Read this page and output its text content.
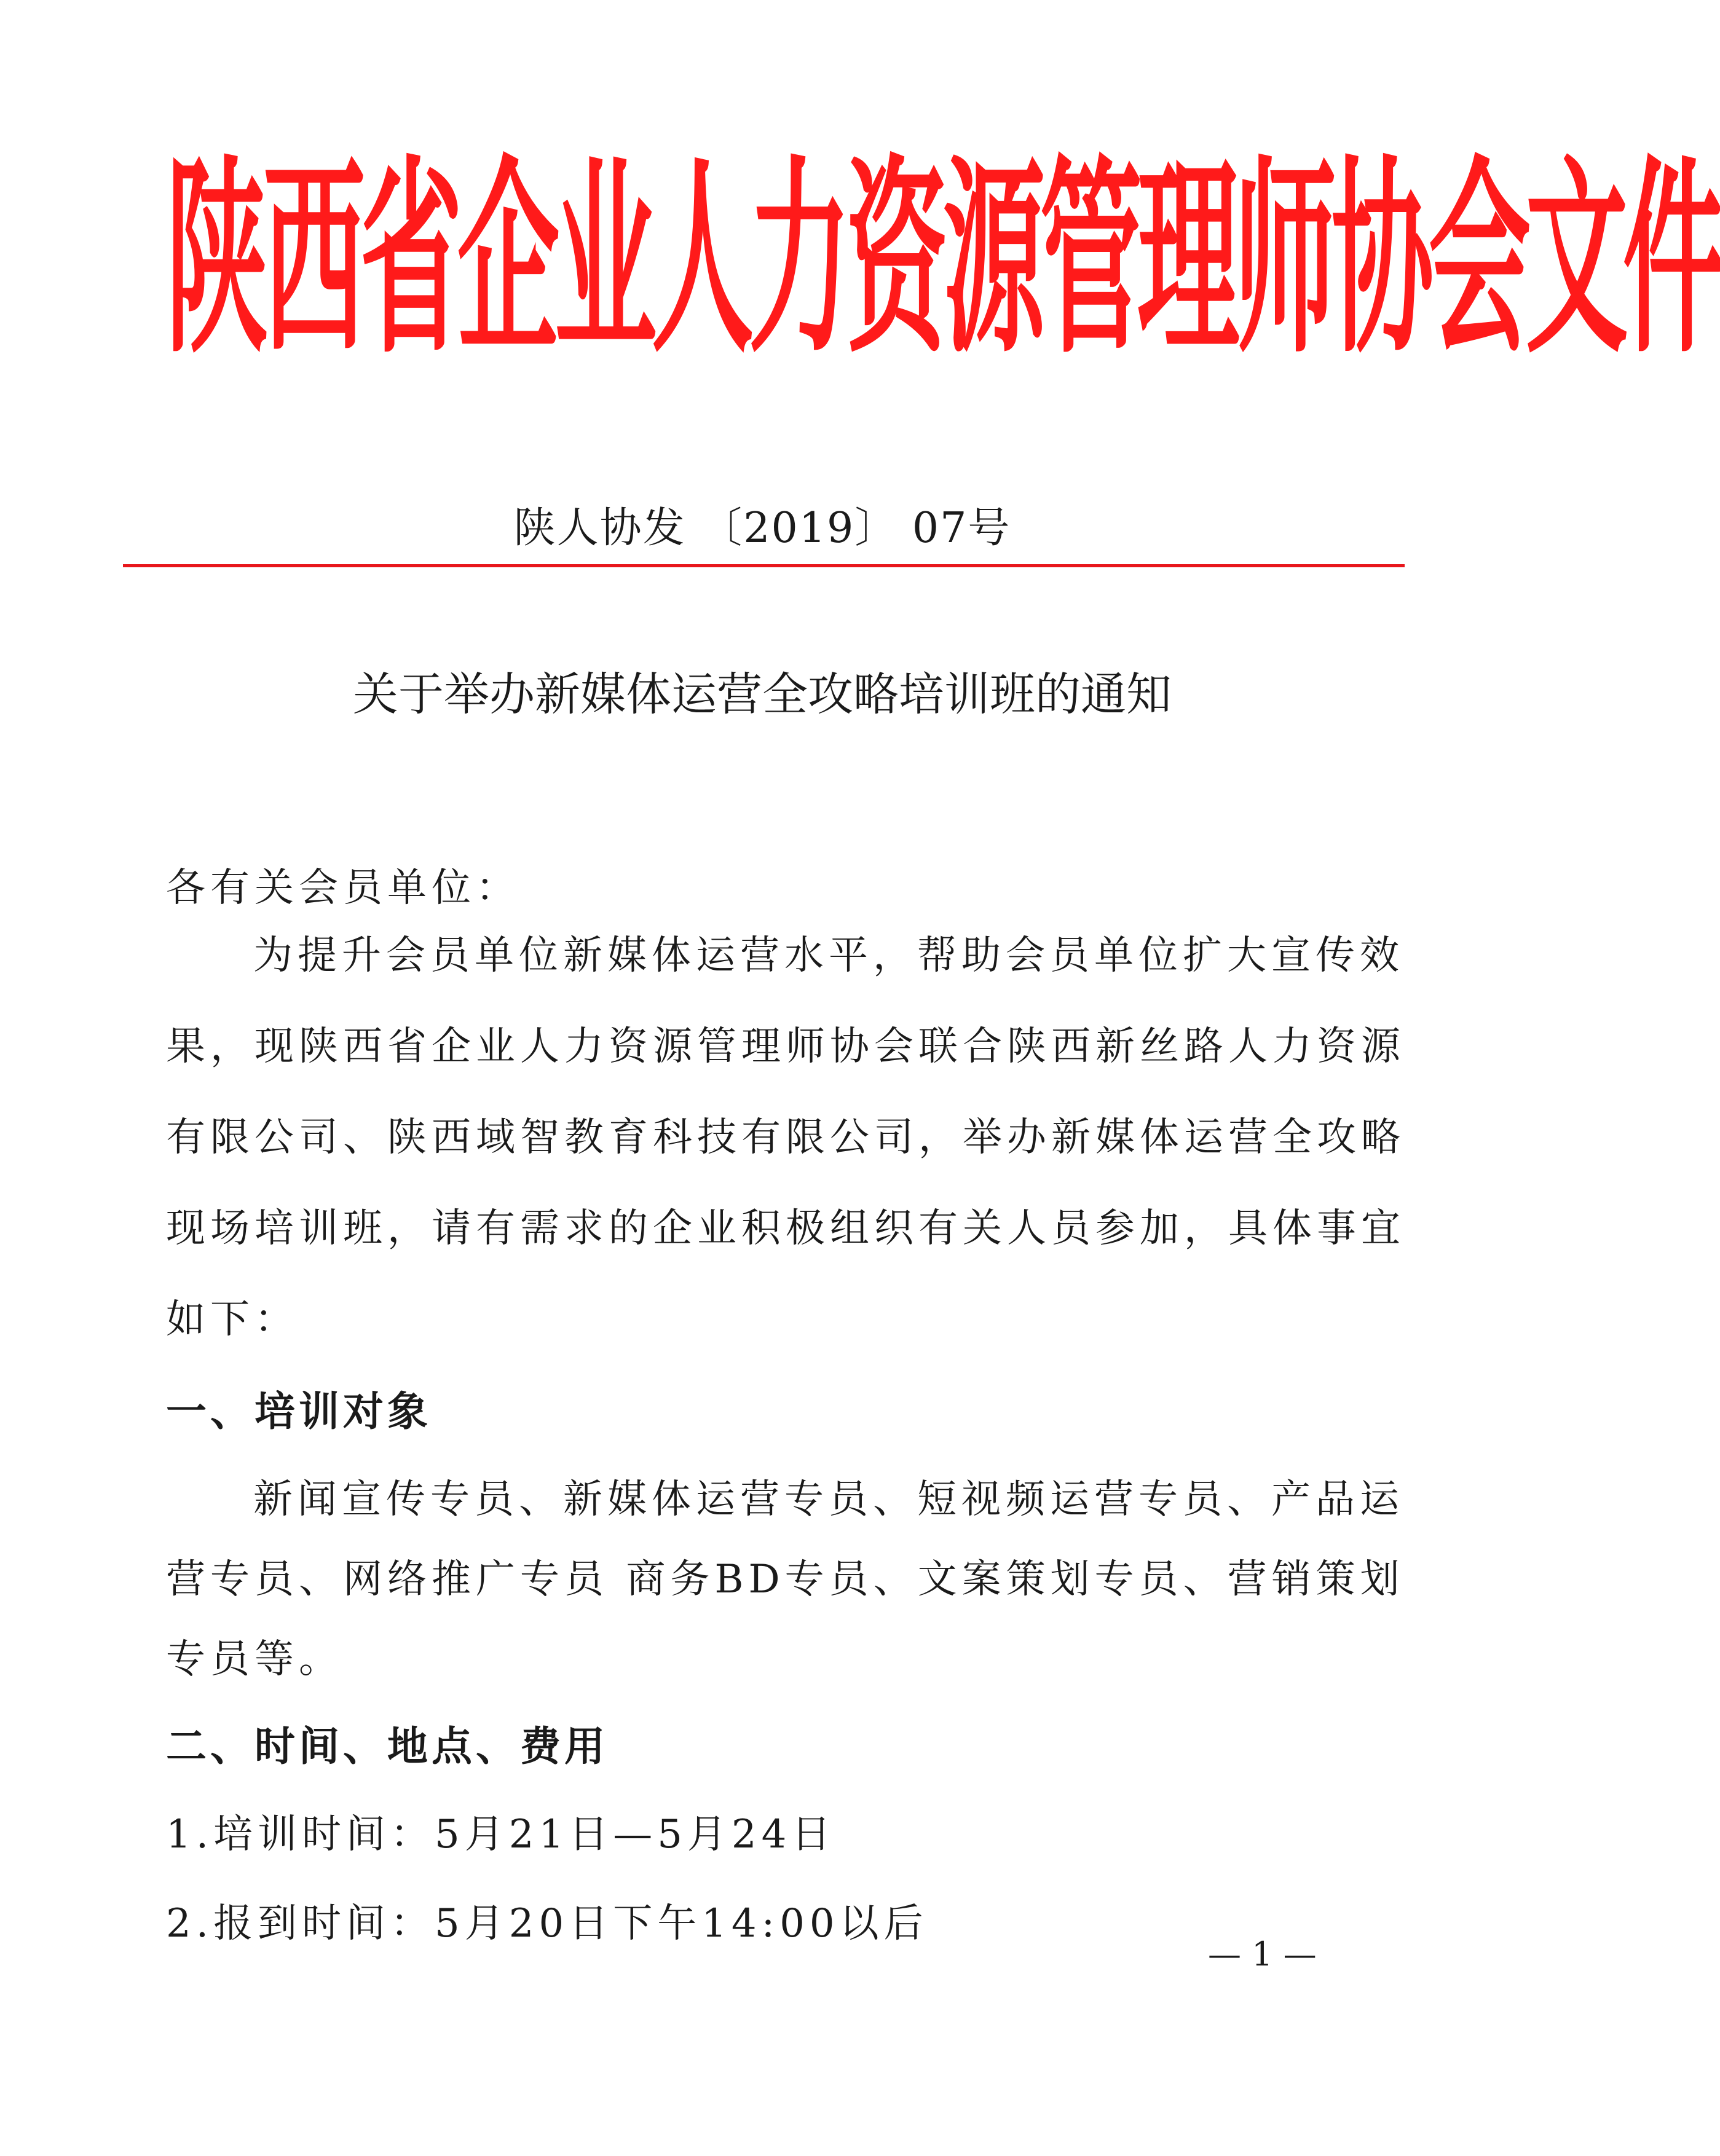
陕西省企业人力资源管理师协会文件
陕人协发 〔2019〕 07号
关于举办新媒体运营全攻略培训班的通知
各有关会员单位：
为提升会员单位新媒体运营水平，帮助会员单位扩大宣传效
果，现陕西省企业人力资源管理师协会联合陕西新丝路人力资源
有限公司、陕西域智教育科技有限公司，举办新媒体运营全攻略
现场培训班，请有需求的企业积极组织有关人员参加，具体事宜
如下：
一、培训对象
新闻宣传专员、新媒体运营专员、短视频运营专员、产品运
营专员、网络推广专员 商务BD专员、文案策划专员、营销策划
专员等。
二、时间、地点、费用
1.培训时间：5月21日—5月24日
2.报到时间：5月20日下午14:00以后
— 1 —
